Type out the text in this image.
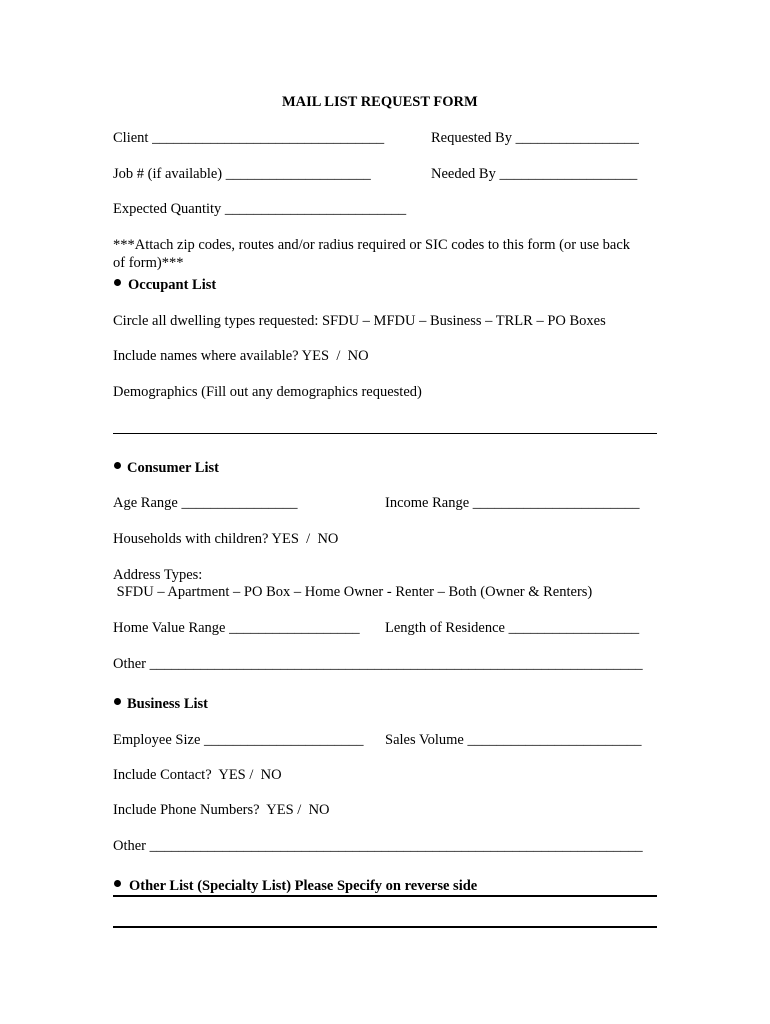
MAIL LIST REQUEST FORM
Client ________________________________	Requested By _________________
Job # (if available) ____________________	Needed By ___________________
Expected Quantity _________________________
***Attach zip codes, routes and/or radius required or SIC codes to this form (or use back
of form)***
Occupant List
Circle all dwelling types requested: SFDU – MFDU – Business – TRLR – PO Boxes
Include names where available? YES  /  NO
Demographics (Fill out any demographics requested)
Consumer List
Age Range ________________	Income Range _______________________
Households with children? YES  /  NO
Address Types:
SFDU – Apartment – PO Box – Home Owner - Renter – Both (Owner & Renters)
Home Value Range __________________ Length of Residence __________________
Other ____________________________________________________________________
Business List
Employee Size ______________________ Sales Volume ________________________
Include Contact?  YES /  NO
Include Phone Numbers?  YES /  NO
Other ____________________________________________________________________
Other List (Specialty List) Please Specify on reverse side
